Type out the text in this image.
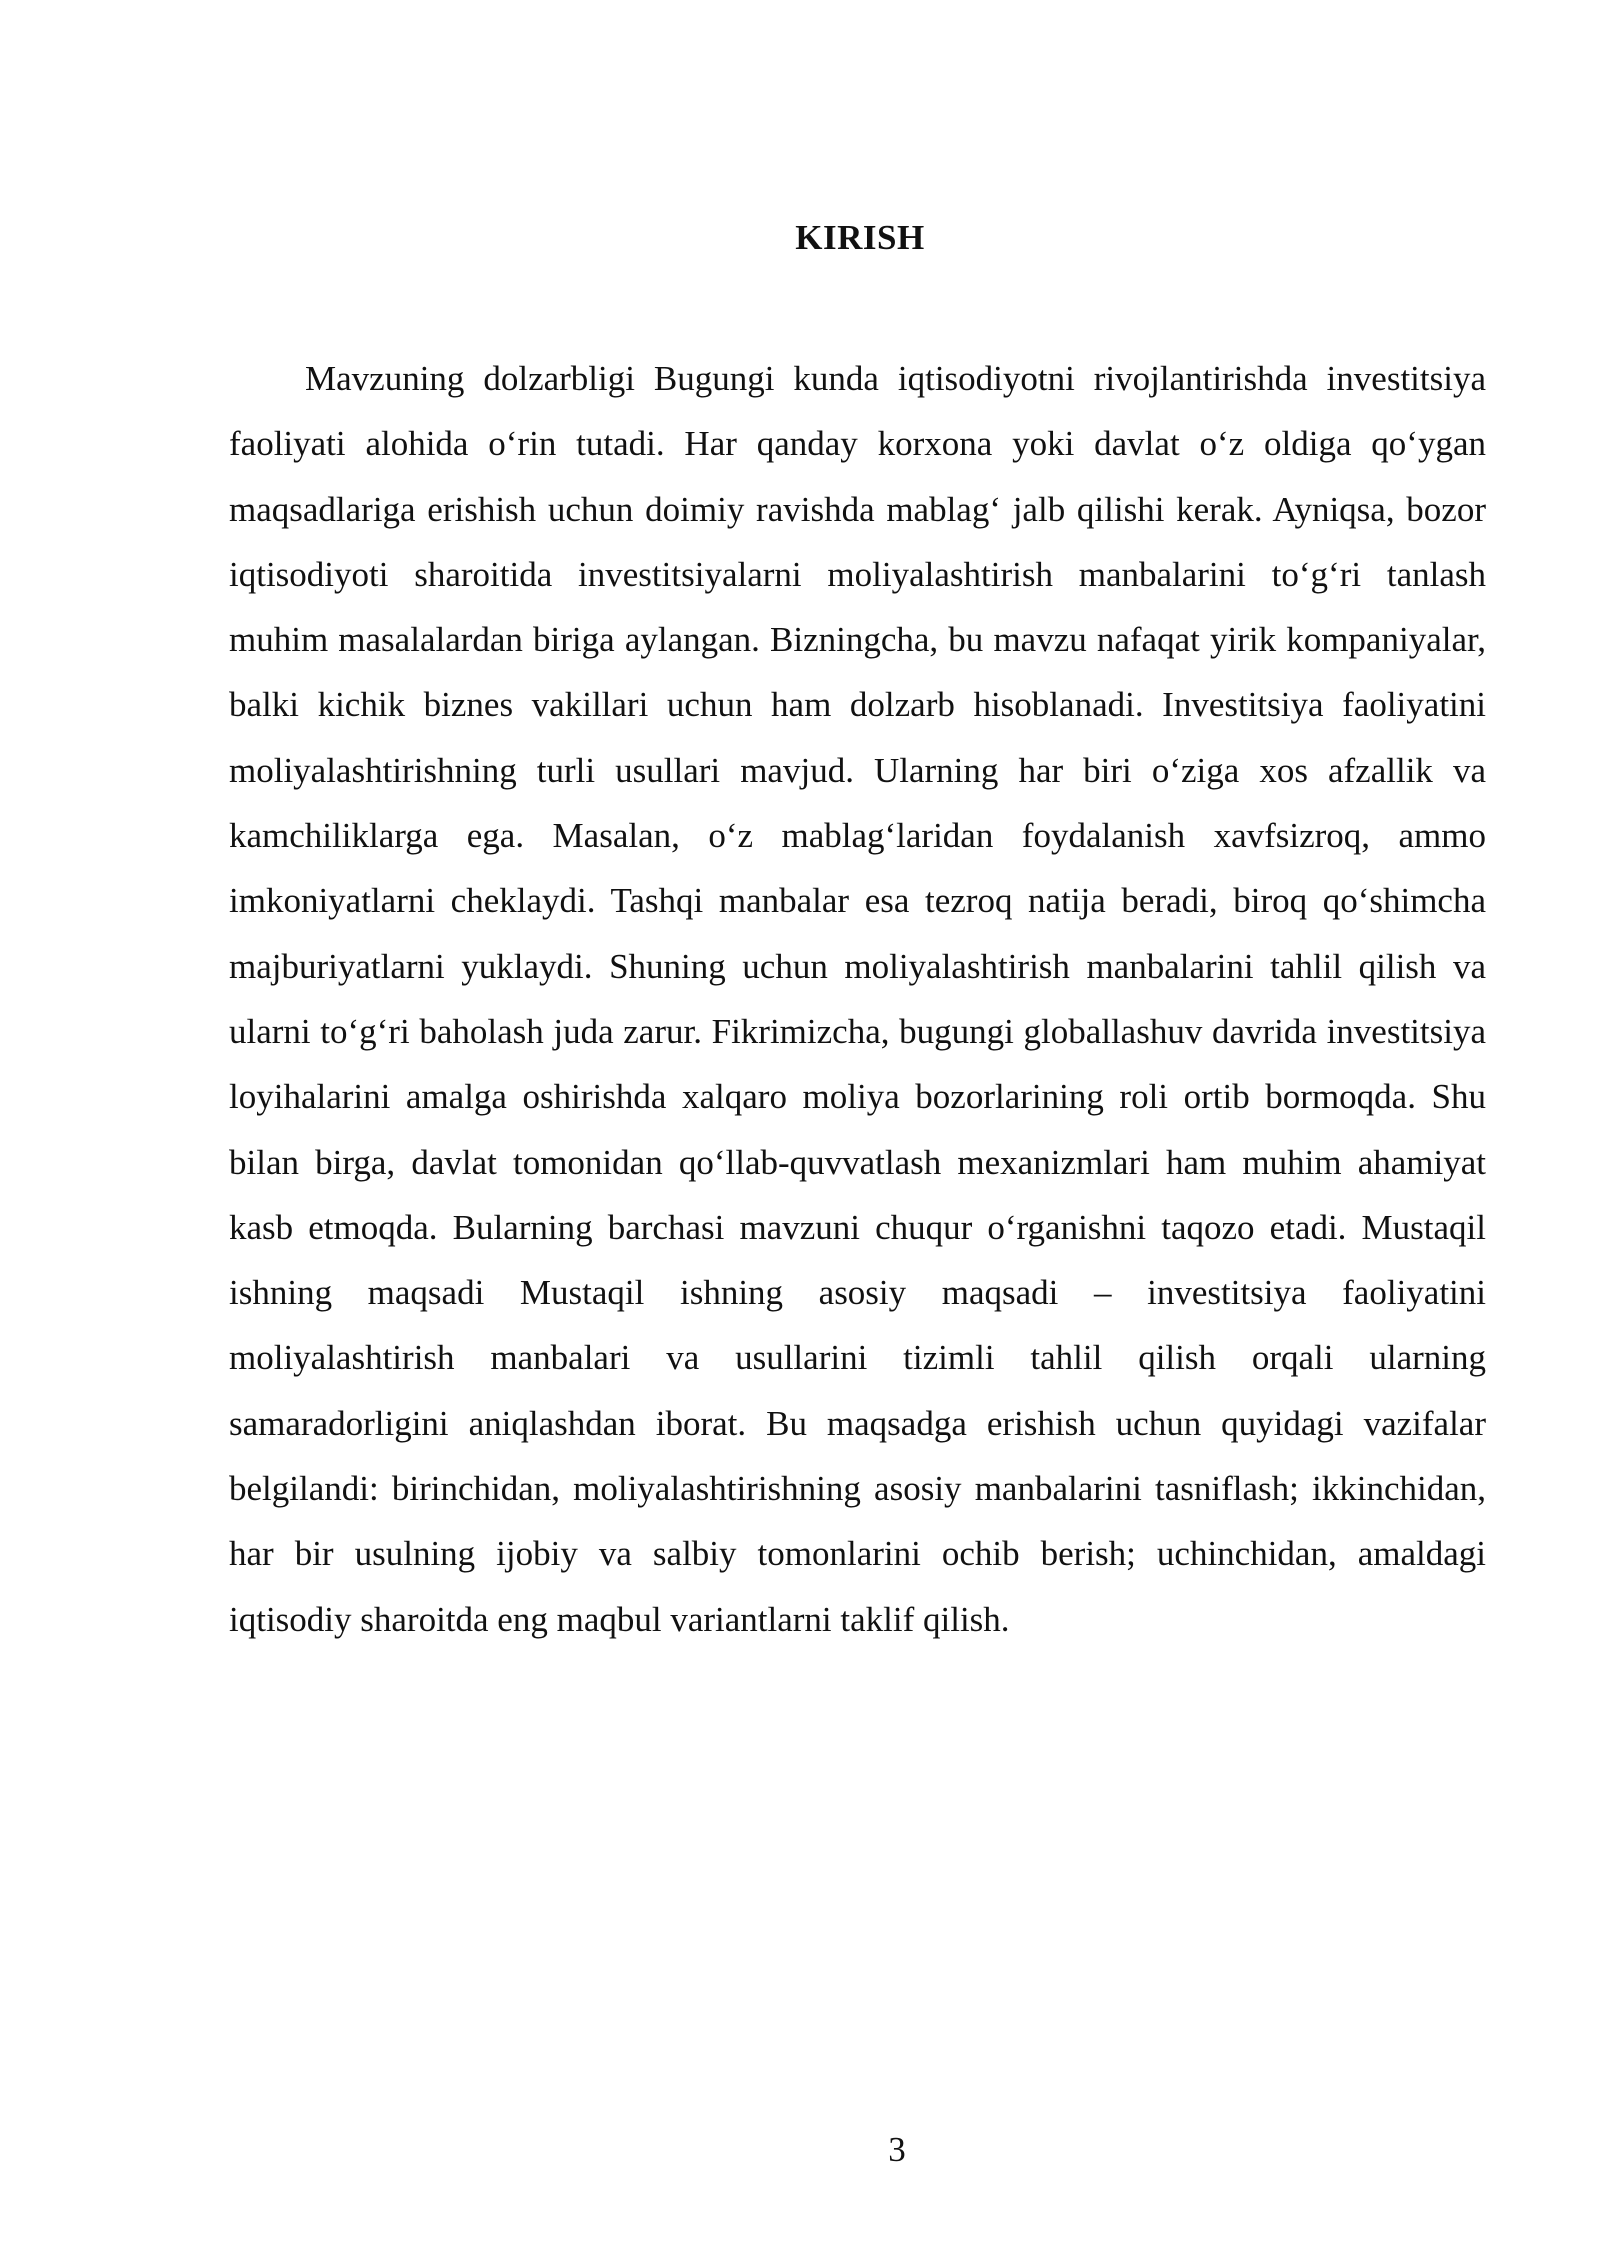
KIRISH

Mavzuning dolzarbligi Bugungi kunda iqtisodiyotni rivojlantirishda investitsiya faoliyati alohida o‘rin tutadi. Har qanday korxona yoki davlat o‘z oldiga qo‘ygan maqsadlariga erishish uchun doimiy ravishda mablag‘ jalb qilishi kerak. Ayniqsa, bozor iqtisodiyoti sharoitida investitsiyalarni moliyalashtirish manbalarini to‘g‘ri tanlash muhim masalalardan biriga aylangan. Bizningcha, bu mavzu nafaqat yirik kompaniyalar, balki kichik biznes vakillari uchun ham dolzarb hisoblanadi. Investitsiya faoliyatini moliyalashtirishning turli usullari mavjud. Ularning har biri o‘ziga xos afzallik va kamchiliklarga ega. Masalan, o‘z mablag‘laridan foydalanish xavfsizroq, ammo imkoniyatlarni cheklaydi. Tashqi manbalar esa tezroq natija beradi, biroq qo‘shimcha majburiyatlarni yuklaydi. Shuning uchun moliyalashtirish manbalarini tahlil qilish va ularni to‘g‘ri baholash juda zarur. Fikrimizcha, bugungi globallashuv davrida investitsiya loyihalarini amalga oshirishda xalqaro moliya bozorlarining roli ortib bormoqda. Shu bilan birga, davlat tomonidan qo‘llab-quvvatlash mexanizmlari ham muhim ahamiyat kasb etmoqda. Bularning barchasi mavzuni chuqur o‘rganishni taqozo etadi. Mustaqil ishning maqsadi Mustaqil ishning asosiy maqsadi – investitsiya faoliyatini moliyalashtirish manbalari va usullarini tizimli tahlil qilish orqali ularning samaradorligini aniqlashdan iborat. Bu maqsadga erishish uchun quyidagi vazifalar belgilandi: birinchidan, moliyalashtirishning asosiy manbalarini tasniflash; ikkinchidan, har bir usulning ijobiy va salbiy tomonlarini ochib berish; uchinchidan, amaldagi iqtisodiy sharoitda eng maqbul variantlarni taklif qilish.

3
